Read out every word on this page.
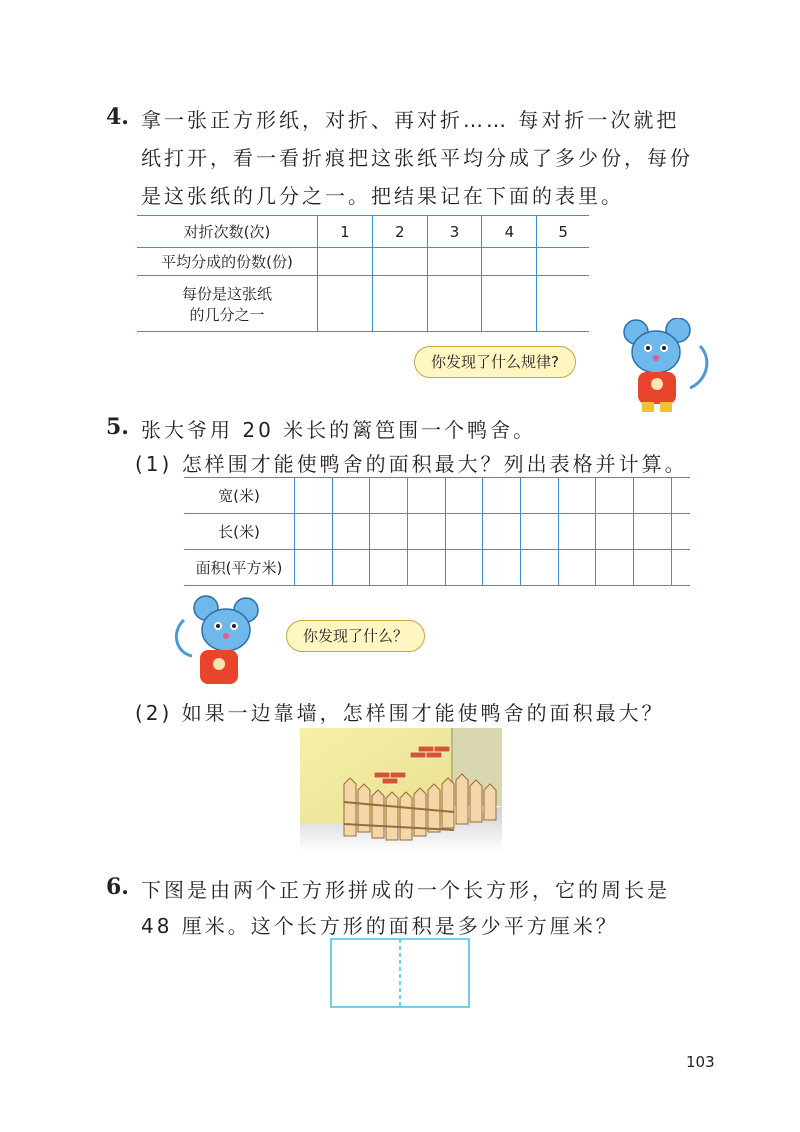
4. 拿一张正方形纸，对折、再对折…… 每对折一次就把
纸打开，看一看折痕把这张纸平均分成了多少份，每份
是这张纸的几分之一。把结果记在下面的表里。
对折次数(次)	1	2	3	4	5
平均分成的份数(份)					

每份是这张纸
的几分之一					

你发现了什么规律?
5. 张大爷用 20 米长的篱笆围一个鸭舍。
(1) 怎样围才能使鸭舍的面积最大？列出表格并计算。
宽(米)											
长(米)											
面积(平方米)											
你发现了什么？
(2) 如果一边靠墙，怎样围才能使鸭舍的面积最大？
6. 下图是由两个正方形拼成的一个长方形，它的周长是
48 厘米。这个长方形的面积是多少平方厘米？
103
